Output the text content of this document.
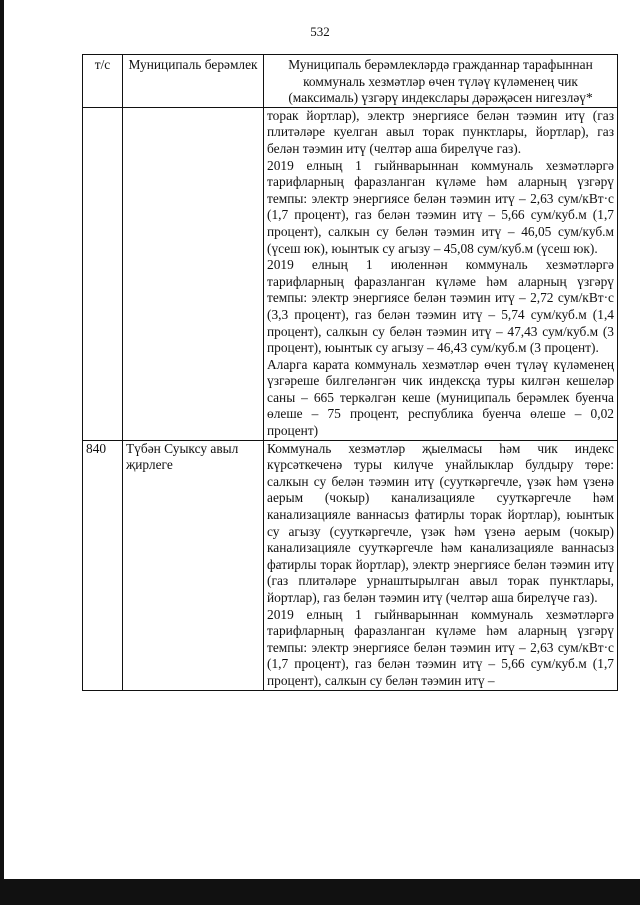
532
т/с	Муниципаль берәмлек	Муниципаль берәмлекләрдә гражданнар тарафыннан коммуналь хезмәтләр өчен түләү күләменең чик (максималь) үзгәрү индекслары дәрәҗәсен нигезләү*

		торак йортлар), электр энергиясе белән тәэмин итү (газ плитәләре куелган авыл торак пунктлары, йортлар), газ белән тәэмин итү (челтәр аша бирелүче газ).

2019 елның 1 гыйнварыннан коммуналь хезмәтләргә тарифларның фаразланган күләме һәм аларның үзгәрү темпы: электр энергиясе белән тәэмин итү – 2,63 сум/кВт·с (1,7 процент), газ белән тәэмин итү – 5,66 сум/куб.м (1,7 процент), салкын су белән тәэмин итү – 46,05 сум/куб.м (үсеш юк), юынтык су агызу – 45,08 сум/куб.м (үсеш юк).

2019 елның 1 июленнән коммуналь хезмәтләргә тарифларның фаразланган күләме һәм аларның үзгәрү темпы: электр энергиясе белән тәэмин итү – 2,72 сум/кВт·с (3,3 процент), газ белән тәэмин итү – 5,74 сум/куб.м (1,4 процент), салкын су белән тәэмин итү – 47,43 сум/куб.м (3 процент), юынтык су агызу – 46,43 сум/куб.м (3 процент).

Аларга карата коммуналь хезмәтләр өчен түләү күләменең үзгәреше билгеләнгән чик индексқа туры килгән кешеләр саны – 665 теркәлгән кеше (муниципаль берәмлек буенча өлеше – 75 процент, республика буенча өлеше – 0,02 процент)

840	Түбән Суыксу авыл җирлеге	Коммуналь хезмәтләр җыелмасы һәм чик индекс күрсәткеченә туры килүче унайлыклар булдыру төре: салкын су белән тәэмин итү (сууткәргечле, үзәк һәм үзенә аерым (чокыр) канализацияле сууткәргечле һәм канализацияле ваннасыз фатирлы торак йортлар), юынтык су агызу (сууткәргечле, үзәк һәм үзенә аерым (чокыр) канализацияле сууткәргечле һәм канализацияле ваннасыз фатирлы торак йортлар), электр энергиясе белән тәэмин итү (газ плитәләре урнаштырылган авыл торак пунктлары, йортлар), газ белән тәэмин итү (челтәр аша бирелүче газ).

2019 елның 1 гыйнварыннан коммуналь хезмәтләргә тарифларның фаразланган күләме һәм аларның үзгәрү темпы: электр энергиясе белән тәэмин итү – 2,63 сум/кВт·с (1,7 процент), газ белән тәэмин итү – 5,66 сум/куб.м (1,7 процент), салкын су белән тәэмин итү –
